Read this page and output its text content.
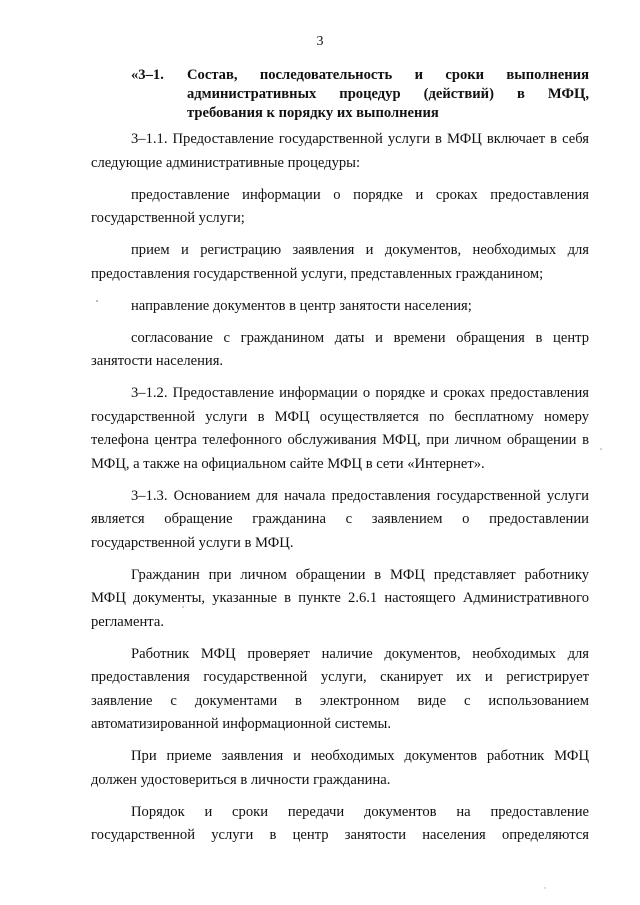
3
«3–1. Состав, последовательность и сроки выполнения административных процедур (действий) в МФЦ, требования к порядку их выполнения

3–1.1. Предоставление государственной услуги в МФЦ включает в себя следующие административные процедуры:

предоставление информации о порядке и сроках предоставления государственной услуги;

прием и регистрацию заявления и документов, необходимых для предоставления государственной услуги, представленных гражданином;

направление документов в центр занятости населения;

согласование с гражданином даты и времени обращения в центр занятости населения.

3–1.2. Предоставление информации о порядке и сроках предоставления государственной услуги в МФЦ осуществляется по бесплатному номеру телефона центра телефонного обслуживания МФЦ, при личном обращении в МФЦ, а также на официальном сайте МФЦ в сети «Интернет».

3–1.3. Основанием для начала предоставления государственной услуги является обращение гражданина с заявлением о предоставлении государственной услуги в МФЦ.

Гражданин при личном обращении в МФЦ представляет работнику МФЦ документы, указанные в пункте 2.6.1 настоящего Административного регламента.

Работник МФЦ проверяет наличие документов, необходимых для предоставления государственной услуги, сканирует их и регистрирует заявление с документами в электронном виде с использованием автоматизированной информационной системы.

При приеме заявления и необходимых документов работник МФЦ должен удостовериться в личности гражданина.

Порядок и сроки передачи документов на предоставление государственной услуги в центр занятости населения определяются
